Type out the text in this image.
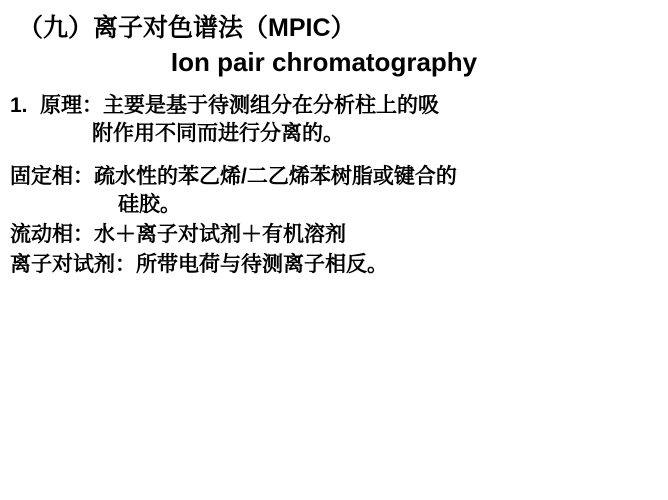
（九）离子对色谱法（MPIC）
Ion pair chromatography
1. 原理： 主要是基于待测组分在分析柱上的吸
附作用不同而进行分离的。
固定相： 疏水性的苯乙烯/二乙烯苯树脂或键合的
硅胶。
流动相：水＋离子对试剂＋有机溶剂
离子对试剂：所带电荷与待测离子相反。
